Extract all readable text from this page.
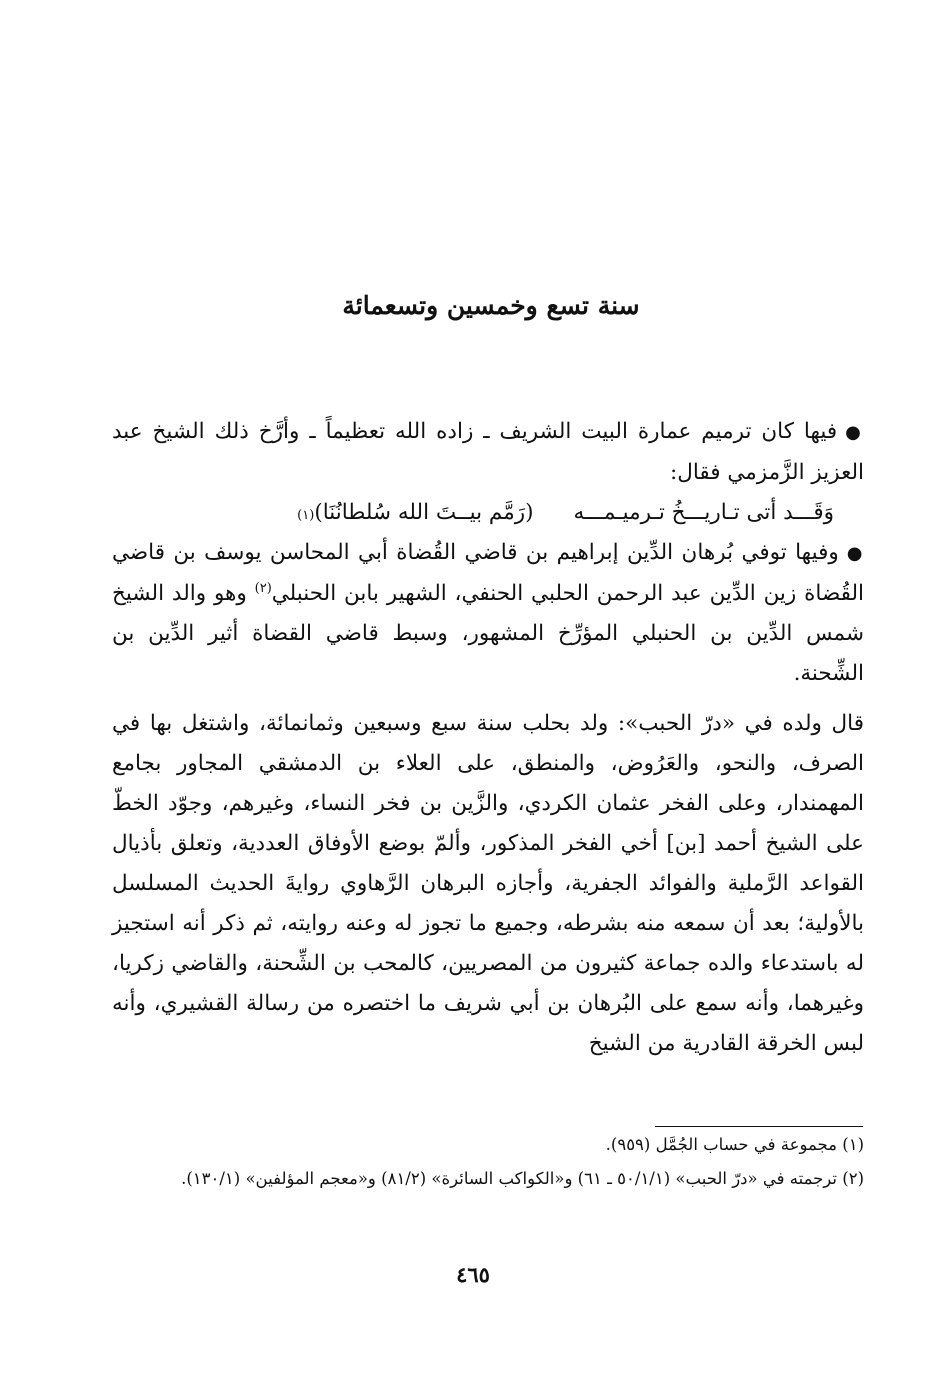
سنة تسع وخمسين وتسعمائة

●فيها كان ترميم عمارة البيت الشريف ـ زاده الله تعظيماً ـ وأرَّخ ذلك الشيخ عبد العزيز الزَّمزمي فقال:

وَقَـــد أتى تـاريـــخُ تـرميـمـــه
(رَمَّم بيــتَ الله سُلطانُنَا)
(١)

●وفيها توفي بُرهان الدِّين إبراهيم بن قاضي القُضاة أبي المحاسن يوسف بن قاضي القُضاة زين الدِّين عبد الرحمن الحلبي الحنفي، الشهير بابن الحنبلي$^{(٢)}$ وهو والد الشيخ شمس الدِّين بن الحنبلي المؤرِّخ المشهور، وسبط قاضي القضاة أثير الدِّين بن الشِّحنة.

قال ولده في «درّ الحبب»: ولد بحلب سنة سبع وسبعين وثمانمائة، واشتغل بها في الصرف، والنحو، والعَرُوض، والمنطق، على العلاء بن الدمشقي المجاور بجامع المهمندار، وعلى الفخر عثمان الكردي، والزَّين بن فخر النساء، وغيرهم، وجوّد الخطّ على الشيخ أحمد [بن] أخي الفخر المذكور، وألمّ بوضع الأوفاق العددية، وتعلق بأذيال القواعد الرَّملية والفوائد الجفرية، وأجازه البرهان الرَّهاوي روايةَ الحديث المسلسل بالأولية؛ بعد أن سمعه منه بشرطه، وجميع ما تجوز له وعنه روايته، ثم ذكر أنه استجيز له باستدعاء والده جماعة كثيرون من المصريين، كالمحب بن الشِّحنة، والقاضي زكريا، وغيرهما، وأنه سمع على البُرهان بن أبي شريف ما اختصره من رسالة القشيري، وأنه لبس الخرقة القادرية من الشيخ

(١) مجموعة في حساب الجُمَّل (٩٥٩).

(٢) ترجمته في «درّ الحبب» (٥٠/١/١ ـ ٦١) و«الكواكب السائرة» (٨١/٢) و«معجم المؤلفين» (١٣٠/١).

٤٦٥
